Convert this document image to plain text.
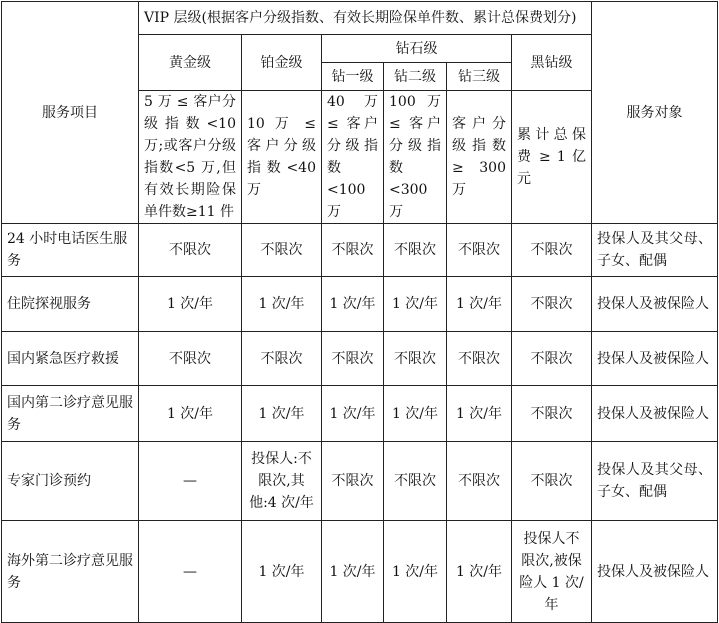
服务项目	VIP 层级(根据客户分级指数、有效长期险保单件数、累计总保费划分)						服务对象
	黄金级	铂金级	钻石级			黑钻级	
			钻一级	钻二级	钻三级		
	5 万 ≤ 客户分级指数<10 万;或客户分级指数<5 万,但有效长期险保单件数≥11 件	10 万 ≤ 客户分级指数<40 万	40 万 ≤ 客户分级指数<100 万	100 万 ≤ 客户分级指数<300 万	客户分级指数 ≥ 300 万	累计总保费 ≥ 1 亿元	
24 小时电话医生服务	不限次	不限次	不限次	不限次	不限次	不限次	投保人及其父母、子女、配偶
住院探视服务	1 次/年	1 次/年	1 次/年	1 次/年	1 次/年	不限次	投保人及被保险人
国内紧急医疗救援	不限次	不限次	不限次	不限次	不限次	不限次	投保人及被保险人
国内第二诊疗意见服务	1 次/年	1 次/年	1 次/年	1 次/年	1 次/年	不限次	投保人及被保险人
专家门诊预约	—	投保人:不限次,其他:4 次/年	不限次	不限次	不限次	不限次	投保人及其父母、子女、配偶
海外第二诊疗意见服务	—	1 次/年	1 次/年	1 次/年	1 次/年	投保人不限次,被保险人 1 次/年	投保人及被保险人
